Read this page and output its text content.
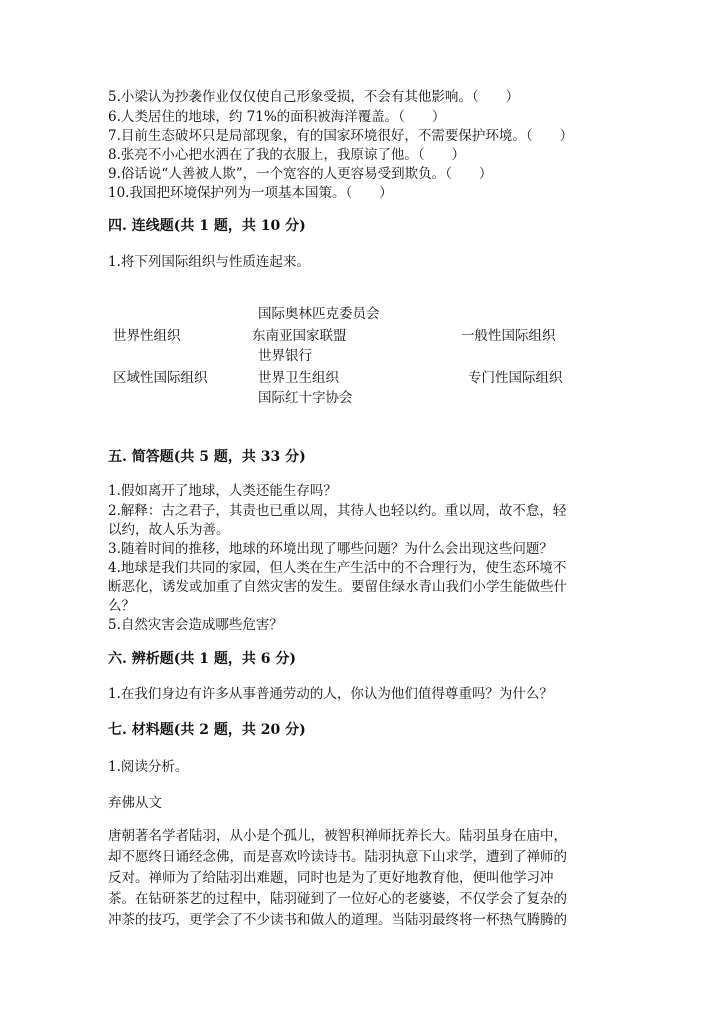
5.小梁认为抄袭作业仅仅使自己形象受损，不会有其他影响。（　　）
6.人类居住的地球，约 71%的面积被海洋覆盖。（　　）
7.目前生态破坏只是局部现象，有的国家环境很好，不需要保护环境。（　　）
8.张亮不小心把水洒在了我的衣服上，我原谅了他。（　　）
9.俗话说“人善被人欺”，一个宽容的人更容易受到欺负。（　　）
10.我国把环境保护列为一项基本国策。（　　）
四. 连线题(共 1 题，共 10 分)
1.将下列国际组织与性质连起来。
国际奥林匹克委员会
世界性组织	东南亚国家联盟	一般性国际组织
世界银行
区域性国际组织	世界卫生组织	专门性国际组织
国际红十字协会
五. 简答题(共 5 题，共 33 分)
1.假如离开了地球，人类还能生存吗？
2.解释：古之君子，其责也已重以周，其待人也轻以约。重以周，故不怠，轻
以约，故人乐为善。
3.随着时间的推移，地球的环境出现了哪些问题？为什么会出现这些问题？
4.地球是我们共同的家园，但人类在生产生活中的不合理行为，使生态环境不
断恶化，诱发或加重了自然灾害的发生。要留住绿水青山我们小学生能做些什
么？
5.自然灾害会造成哪些危害？
六. 辨析题(共 1 题，共 6 分)
1.在我们身边有许多从事普通劳动的人，你认为他们值得尊重吗？为什么？
七. 材料题(共 2 题，共 20 分)
1.阅读分析。
弃佛从文
唐朝著名学者陆羽，从小是个孤儿，被智积禅师抚养长大。陆羽虽身在庙中，
却不愿终日诵经念佛，而是喜欢吟读诗书。陆羽执意下山求学，遭到了禅师的
反对。禅师为了给陆羽出难题，同时也是为了更好地教育他，便叫他学习冲
茶。在钻研茶艺的过程中，陆羽碰到了一位好心的老婆婆，不仅学会了复杂的
冲茶的技巧，更学会了不少读书和做人的道理。当陆羽最终将一杯热气腾腾的
